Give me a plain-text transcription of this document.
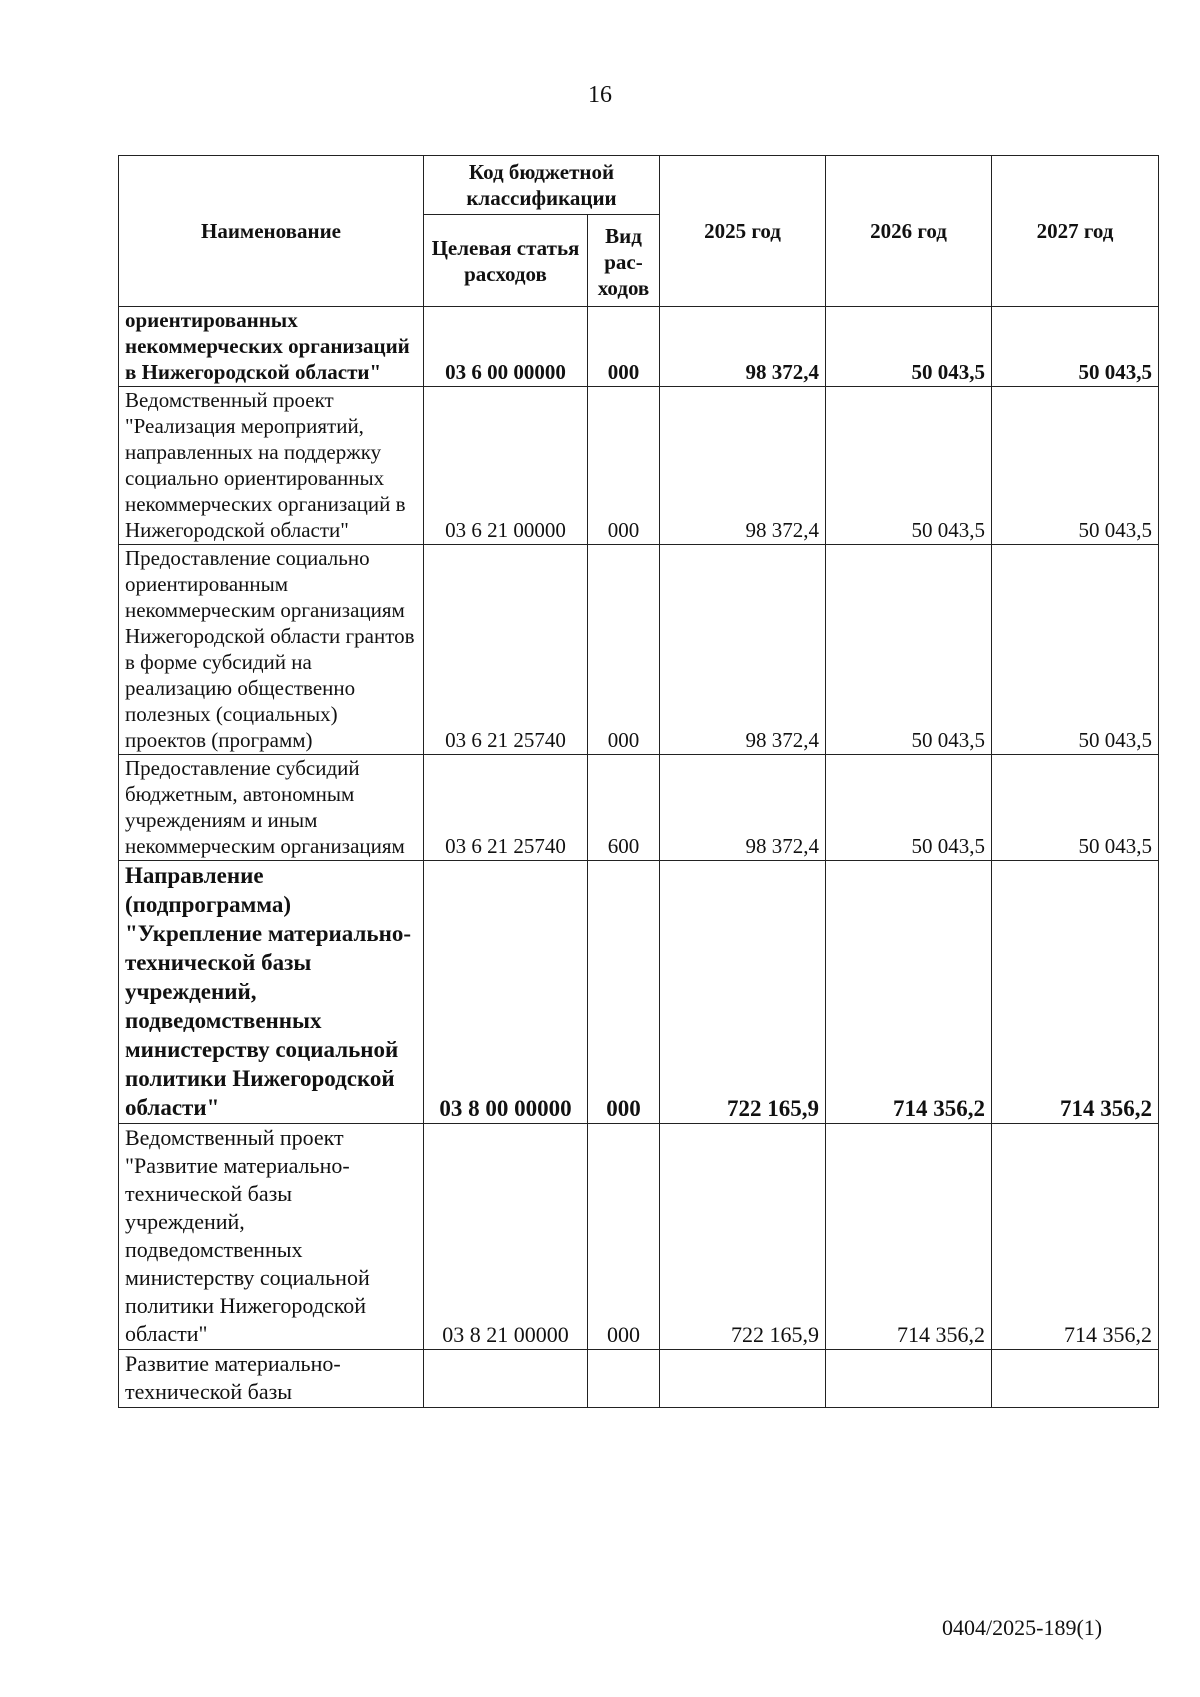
16
Наименование	Код бюджетной классификации		2025 год	2026 год	2027 год
	Целевая статья расходов	Вид рас-ходов			
ориентированных некоммерческих организаций в Нижегородской области"	03 6 00 00000	000	98 372,4	50 043,5	50 043,5
Ведомственный проект "Реализация мероприятий, направленных на поддержку социально ориентированных некоммерческих организаций в Нижегородской области"	03 6 21 00000	000	98 372,4	50 043,5	50 043,5
Предоставление социально ориентированным некоммерческим организациям Нижегородской области грантов в форме субсидий на реализацию общественно полезных (социальных) проектов (программ)	03 6 21 25740	000	98 372,4	50 043,5	50 043,5
Предоставление субсидий бюджетным, автономным учреждениям и иным некоммерческим организациям	03 6 21 25740	600	98 372,4	50 043,5	50 043,5
Направление (подпрограмма) "Укрепление материально-технической базы учреждений, подведомственных министерству социальной политики Нижегородской области"	03 8 00 00000	000	722 165,9	714 356,2	714 356,2
Ведомственный проект "Развитие материально-технической базы учреждений, подведомственных министерству социальной политики Нижегородской области"	03 8 21 00000	000	722 165,9	714 356,2	714 356,2
Развитие материально-технической базы					
0404/2025-189(1)
